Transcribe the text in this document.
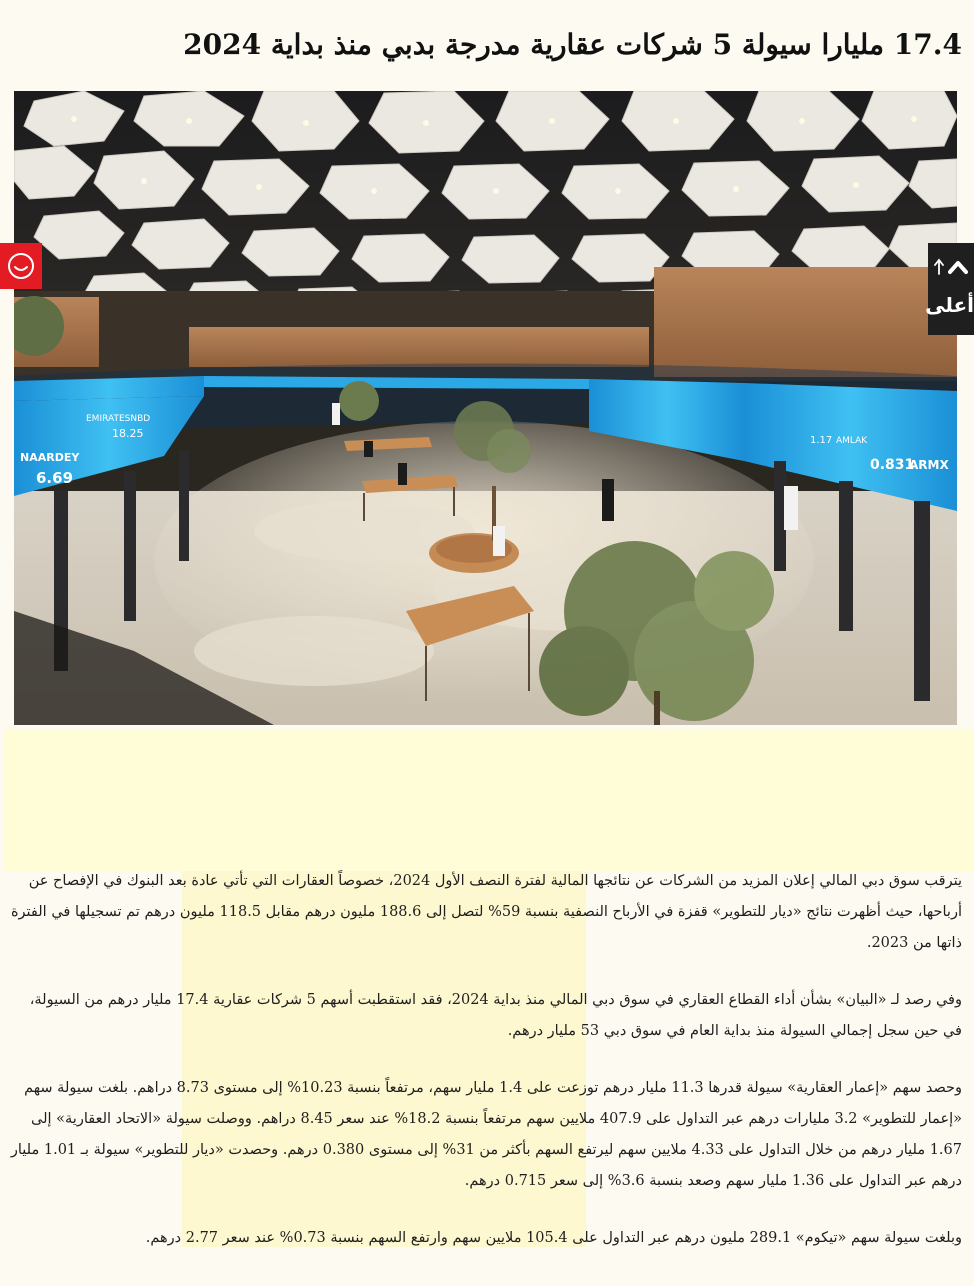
17.4 مليارا سيولة 5 شركات عقارية مدرجة بدبي منذ بداية 2024
NAARDEY
6.69
EMIRATESNBD
18.25
ARMX
0.831
AMLAK
1.17

يترقب سوق دبي المالي إعلان المزيد من الشركات عن نتائجها المالية لفترة النصف الأول 2024، خصوصاً العقارات التي تأتي عادة بعد البنوك في الإفصاح عن أرباحها، حيث أظهرت نتائج «ديار للتطوير» قفزة في الأرباح النصفية بنسبة 59% لتصل إلى 188.6 مليون درهم مقابل 118.5 مليون درهم تم تسجيلها في الفترة ذاتها من 2023.

وفي رصد لـ «البيان» بشأن أداء القطاع العقاري في سوق دبي المالي منذ بداية 2024، فقد استقطبت أسهم 5 شركات عقارية 17.4 مليار درهم من السيولة، في حين سجل إجمالي السيولة منذ بداية العام في سوق دبي 53 مليار درهم.

وحصد سهم «إعمار العقارية» سيولة قدرها 11.3 مليار درهم توزعت على 1.4 مليار سهم، مرتفعاً بنسبة 10.23% إلى مستوى 8.73 دراهم. بلغت سيولة سهم «إعمار للتطوير» 3.2 مليارات درهم عبر التداول على 407.9 ملايين سهم مرتفعاً بنسبة 18.2% عند سعر 8.45 دراهم. ووصلت سيولة «الاتحاد العقارية» إلى 1.67 مليار درهم من خلال التداول على 4.33 ملايين سهم ليرتفع السهم بأكثر من 31% إلى مستوى 0.380 درهم. وحصدت «ديار للتطوير» سيولة بـ 1.01 مليار درهم عبر التداول على 1.36 مليار سهم وصعد بنسبة 3.6% إلى سعر 0.715 درهم.

وبلغت سيولة سهم «تيكوم» 289.1 مليون درهم عبر التداول على 105.4 ملايين سهم وارتفع السهم بنسبة 0.73% عند سعر 2.77 درهم.

أعلى
